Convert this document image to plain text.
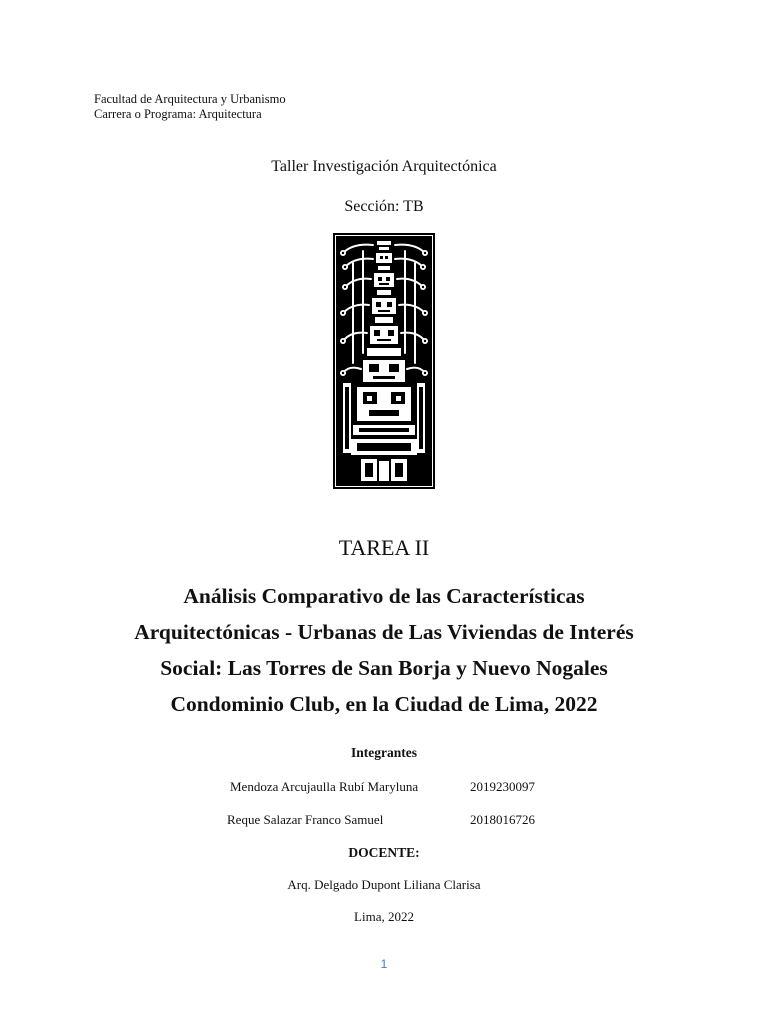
Facultad de Arquitectura y Urbanismo
Carrera o Programa: Arquitectura
Taller Investigación Arquitectónica
Sección: TB
TAREA II
Análisis Comparativo de las Características
Arquitectónicas - Urbanas de Las Viviendas de Interés
Social: Las Torres de San Borja y Nuevo Nogales
Condominio Club, en la Ciudad de Lima, 2022
Integrantes
Mendoza Arcujaulla Rubí Maryluna	2019230097
Reque Salazar Franco Samuel	2018016726
DOCENTE:
Arq. Delgado Dupont Liliana Clarisa
Lima, 2022
1
